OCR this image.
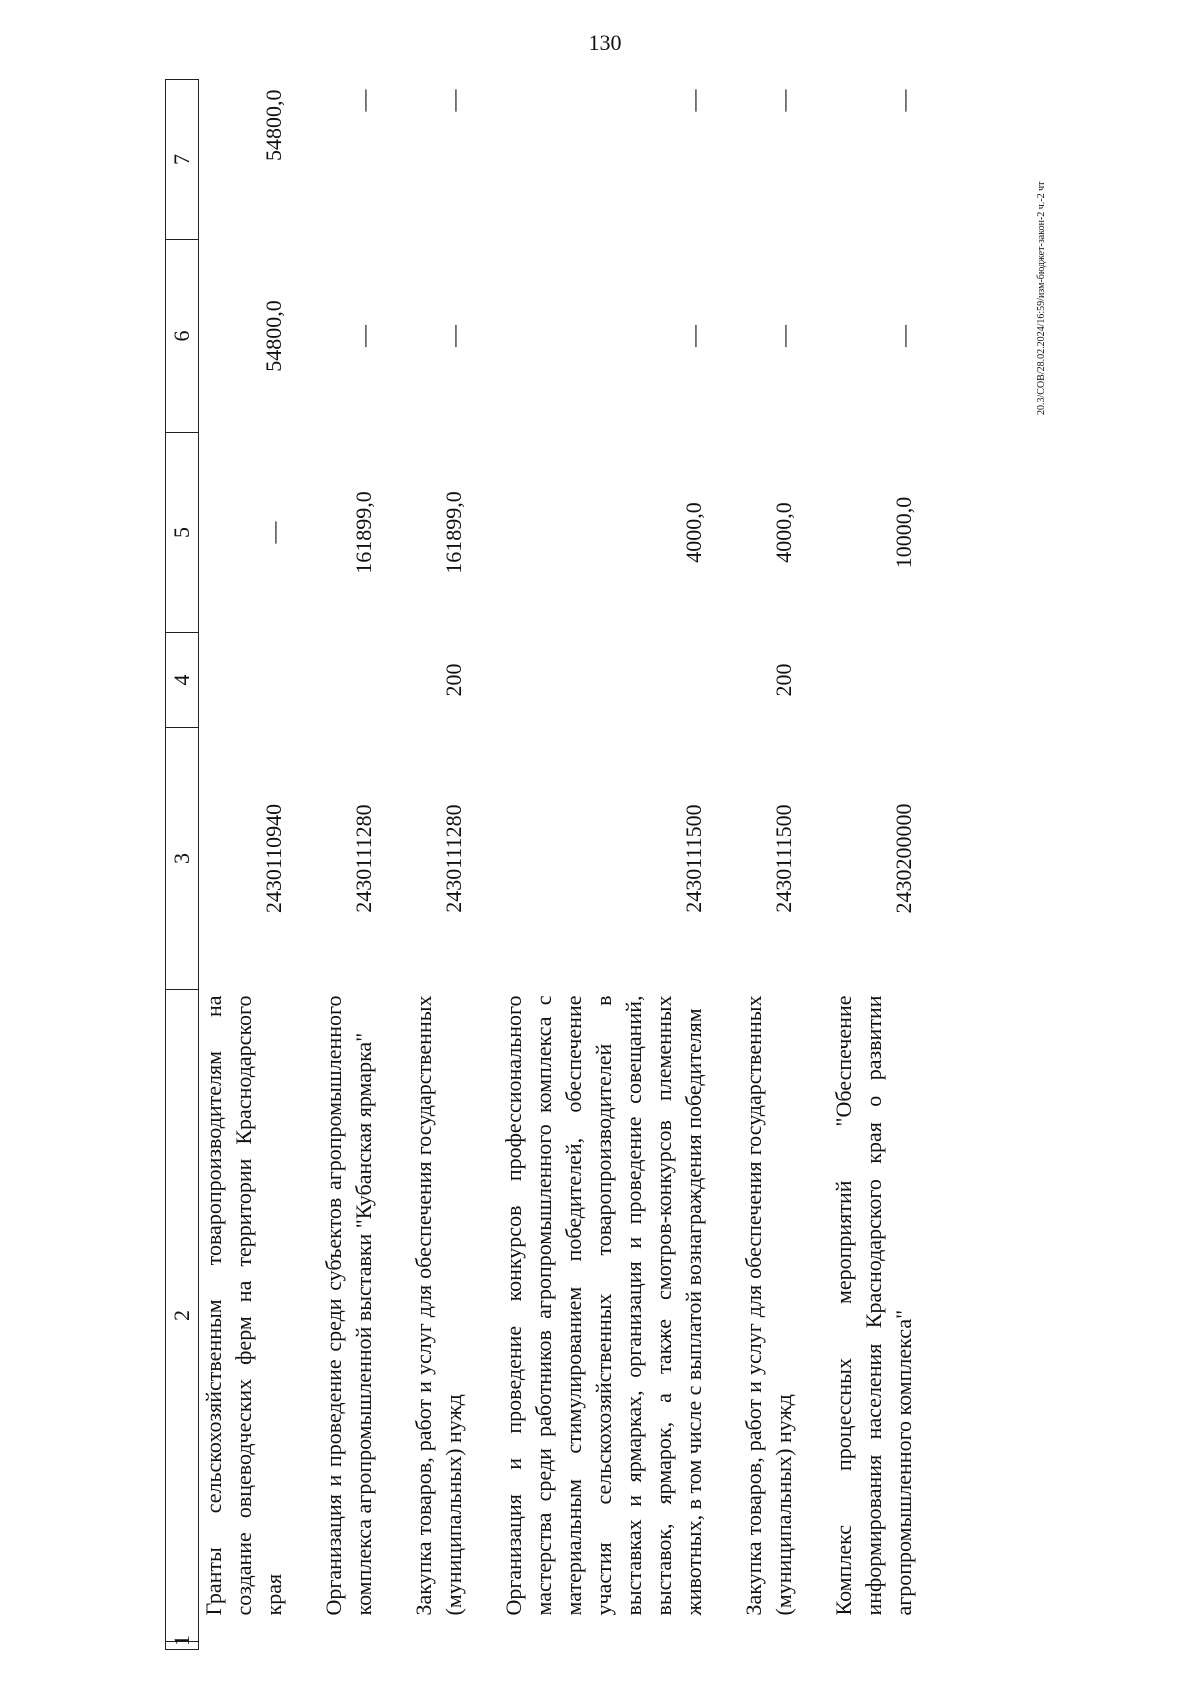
130
20.3/СОВ/28.02.2024/16:59/изм-бюджет-закон-2 ч.-2 чт
1	2	3	4	5	6	7
Гранты сельскохозяйственным товаропроизводителям на создание овцеводческих ферм на территории Краснодарского края		2430110940		—	54800,0	54800,0

Организация и проведение среди субъектов агропромышленного комплекса агропромышленной выставки "Кубанская ярмарка"		2430111280		161899,0	—	—

Закупка товаров, работ и услуг для обеспечения государственных (муниципальных) нужд		2430111280	200	161899,0	—	—

Организация и проведение конкурсов профессионального мастерства среди работников агропромышленного комплекса с материальным стимулированием победителей, обеспечение участия сельскохозяйственных товаропроизводителей в выставках и ярмарках, организация и проведение совещаний, выставок, ярмарок, а также смотров-конкурсов племенных животных, в том числе с выплатой вознаграждения победителям		2430111500		4000,0	—	—

Закупка товаров, работ и услуг для обеспечения государственных (муниципальных) нужд		2430111500	200	4000,0	—	—

Комплекс процессных мероприятий "Обеспечение информирования населения Краснодарского края о развитии агропромышленного комплекса"		2430200000		10000,0	—	—
